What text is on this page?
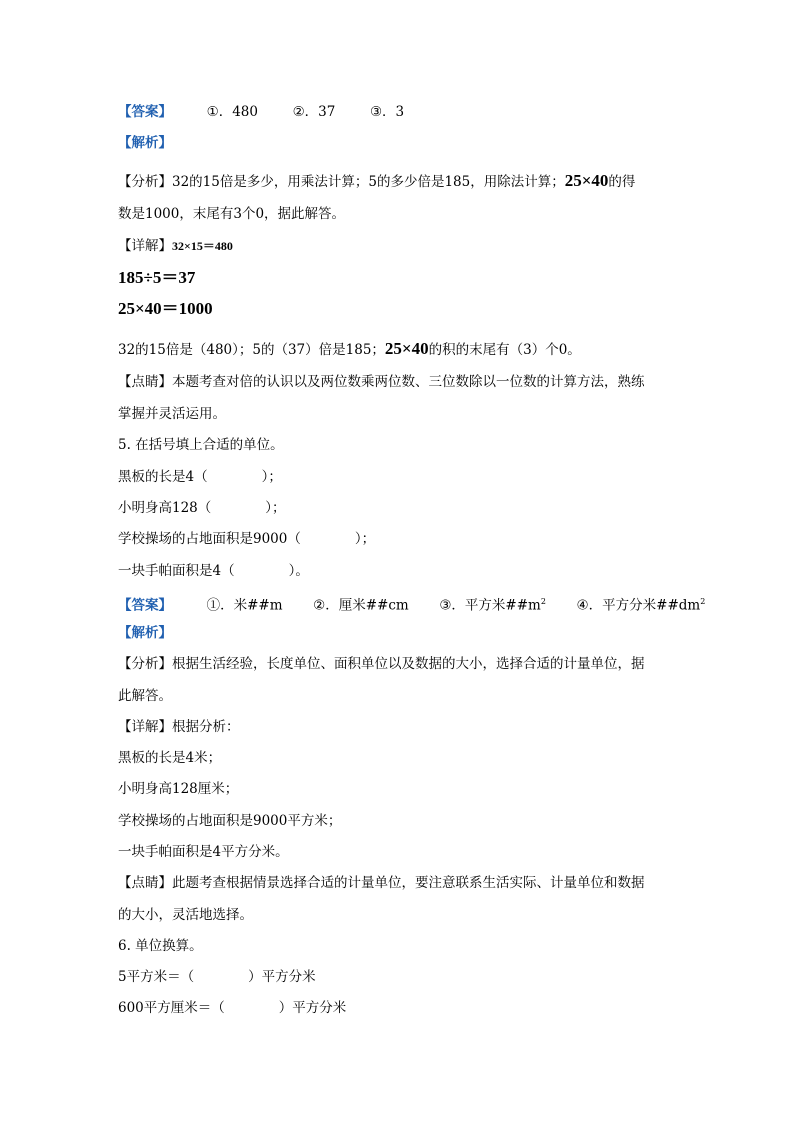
【答案】	①．480	②．37	③．3
【解析】
【分析】32的15倍是多少，用乘法计算；5的多少倍是185，用除法计算；25×40的得
数是1000，末尾有3个0，据此解答。
【详解】32×15＝480
185÷5＝37
25×40＝1000
32的15倍是（480）；5的（37）倍是185；25×40的积的末尾有（3）个0。
【点睛】本题考查对倍的认识以及两位数乘两位数、三位数除以一位数的计算方法，熟练
掌握并灵活运用。
5. 在括号填上合适的单位。
黑板的长是4（　　　　）；
小明身高128（　　　　）；
学校操场的占地面积是9000（　　　　）；
一块手帕面积是4（　　　　）。
【答案】	①．米##m ②．厘米##cm ③．平方米$\#\#m^2$ ④．平方分米$\#\#dm^2$
【解析】
【分析】根据生活经验，长度单位、面积单位以及数据的大小，选择合适的计量单位，据
此解答。
【详解】根据分析：
黑板的长是4米；
小明身高128厘米；
学校操场的占地面积是9000平方米；
一块手帕面积是4平方分米。
【点睛】此题考查根据情景选择合适的计量单位，要注意联系生活实际、计量单位和数据
的大小，灵活地选择。
6. 单位换算。
5平方米＝（　　　　）平方分米
600平方厘米＝（　　　　）平方分米
